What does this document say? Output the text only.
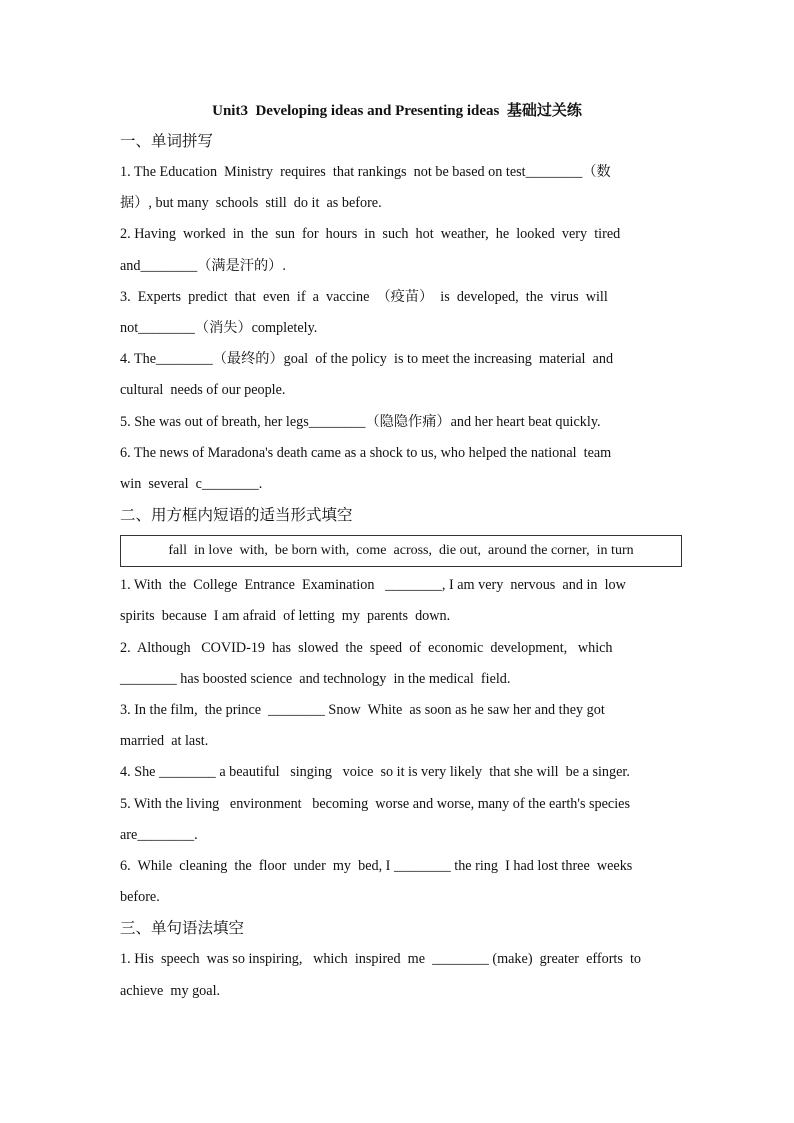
Unit3  Developing ideas and Presenting ideas  基础过关练
一、单词拼写

1. The Education  Ministry  requires  that rankings  not be based on test________（数
据）, but many  schools  still  do it  as before.

2. Having  worked  in  the  sun  for  hours  in  such  hot  weather,  he  looked  very  tired
and________（满是汗的）.

3.  Experts  predict  that  even  if  a  vaccine  （疫苗）  is  developed,  the  virus  will
not________（消失）completely.

4. The________（最终的）goal  of the policy  is to meet the increasing  material  and
cultural  needs of our people.

5. She was out of breath, her legs________（隐隐作痛）and her heart beat quickly.

6. The news of Maradona's death came as a shock to us, who helped the national  team
win  several  c________.

二、用方框内短语的适当形式填空
fall  in love  with,  be born with,  come  across,  die out,  around the corner,  in turn

1. With  the  College  Entrance  Examination   ________, I am very  nervous  and in  low
spirits  because  I am afraid  of letting  my  parents  down.

2.  Although   COVID-19  has  slowed  the  speed  of  economic  development,   which
________ has boosted science  and technology  in the medical  field.

3. In the film,  the prince  ________ Snow  White  as soon as he saw her and they got
married  at last.

4. She ________ a beautiful   singing   voice  so it is very likely  that she will  be a singer.

5. With the living   environment   becoming  worse and worse, many of the earth's species
are________.

6.  While  cleaning  the  floor  under  my  bed, I ________ the ring  I had lost three  weeks
before.

三、单句语法填空

1. His  speech  was so inspiring,   which  inspired  me  ________ (make)  greater  efforts  to
achieve  my goal.
